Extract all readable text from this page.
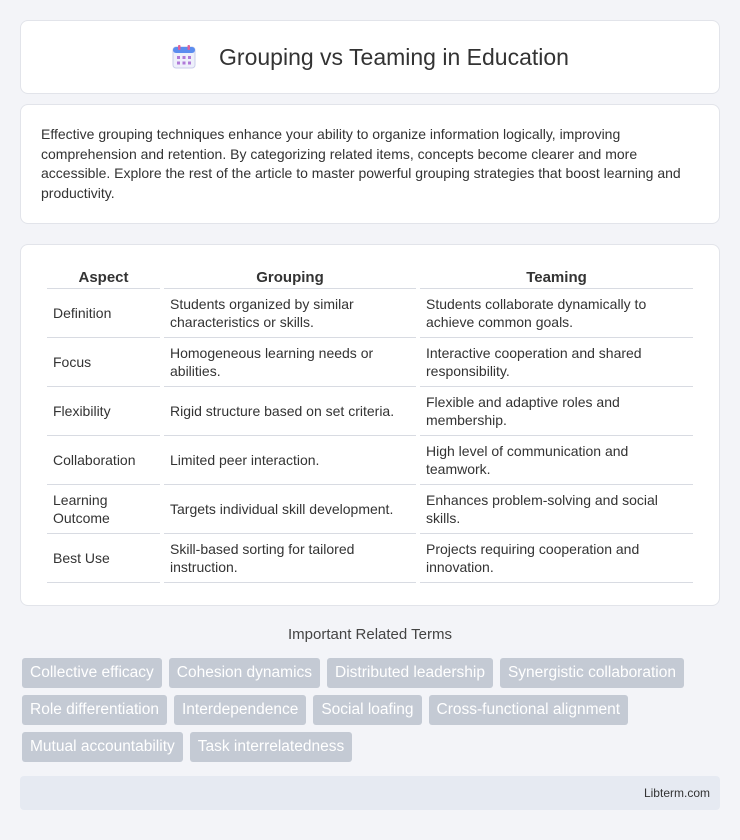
Grouping vs Teaming in Education

Effective grouping techniques enhance your ability to organize information logically, improving comprehension and retention. By categorizing related items, concepts become clearer and more accessible. Explore the rest of the article to master powerful grouping strategies that boost learning and productivity.

Aspect	Grouping	Teaming
Definition	Students organized by similar characteristics or skills.	Students collaborate dynamically to achieve common goals.
Focus	Homogeneous learning needs or abilities.	Interactive cooperation and shared responsibility.
Flexibility	Rigid structure based on set criteria.	Flexible and adaptive roles and membership.
Collaboration	Limited peer interaction.	High level of communication and teamwork.
Learning Outcome	Targets individual skill development.	Enhances problem-solving and social skills.
Best Use	Skill-based sorting for tailored instruction.	Projects requiring cooperation and innovation.
Important Related Terms
Collective efficacy	Cohesion dynamics	Distributed leadership	Synergistic collaboration
Role differentiation	Interdependence	Social loafing	Cross-functional alignment
Mutual accountability	Task interrelatedness
Libterm.com
